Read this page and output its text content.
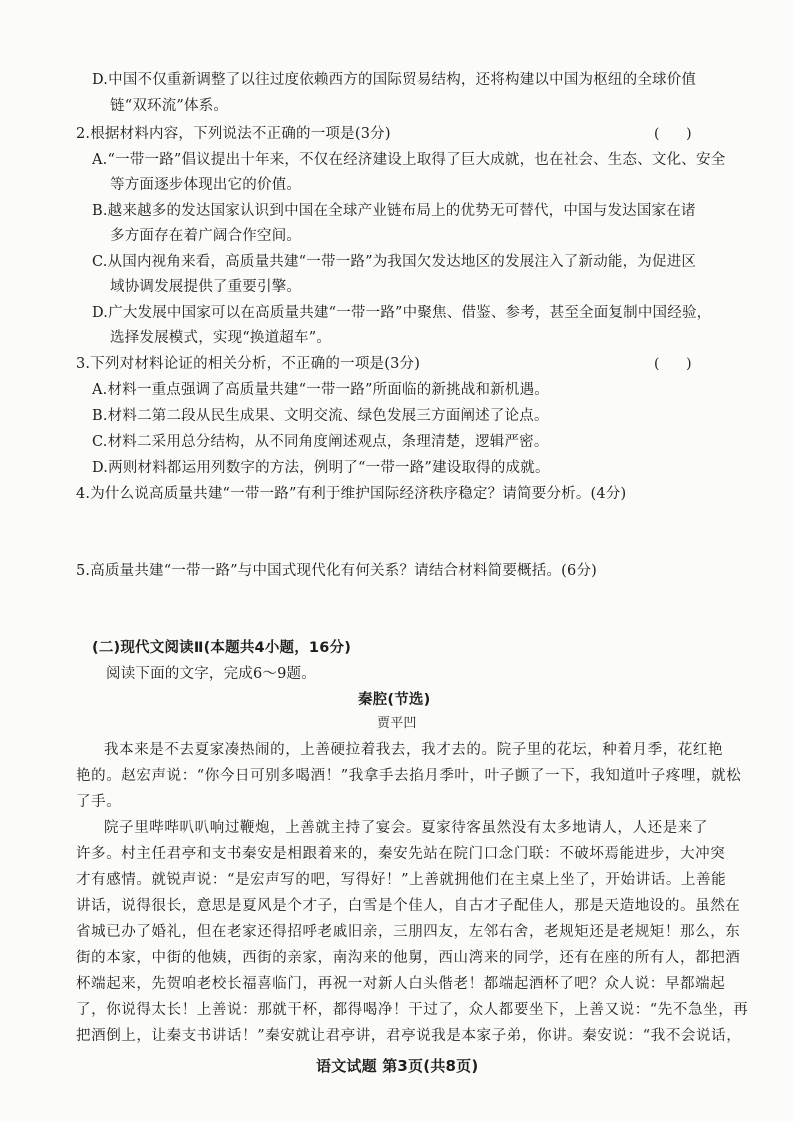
D.中国不仅重新调整了以往过度依赖西方的国际贸易结构，还将构建以中国为枢纽的全球价值
链“双环流”体系。
2.根据材料内容，下列说法不正确的一项是(3分)	(      )
A.“一带一路”倡议提出十年来，不仅在经济建设上取得了巨大成就，也在社会、生态、文化、安全
等方面逐步体现出它的价值。
B.越来越多的发达国家认识到中国在全球产业链布局上的优势无可替代，中国与发达国家在诸
多方面存在着广阔合作空间。
C.从国内视角来看，高质量共建“一带一路”为我国欠发达地区的发展注入了新动能，为促进区
域协调发展提供了重要引擎。
D.广大发展中国家可以在高质量共建“一带一路”中聚焦、借鉴、参考，甚至全面复制中国经验，
选择发展模式，实现“换道超车”。
3.下列对材料论证的相关分析，不正确的一项是(3分)	(      )
A.材料一重点强调了高质量共建“一带一路”所面临的新挑战和新机遇。
B.材料二第二段从民生成果、文明交流、绿色发展三方面阐述了论点。
C.材料二采用总分结构，从不同角度阐述观点，条理清楚，逻辑严密。
D.两则材料都运用列数字的方法，例明了“一带一路”建设取得的成就。
4.为什么说高质量共建“一带一路”有利于维护国际经济秩序稳定？请简要分析。(4分)
5.高质量共建“一带一路”与中国式现代化有何关系？请结合材料简要概括。(6分)
(二)现代文阅读Ⅱ(本题共4小题，16分)
阅读下面的文字，完成6～9题。
秦腔(节选)
贾平凹
我本来是不去夏家凑热闹的，上善硬拉着我去，我才去的。院子里的花坛，种着月季，花红艳
艳的。赵宏声说：“你今日可别多喝酒！”我拿手去掐月季叶，叶子颤了一下，我知道叶子疼哩，就松
了手。
院子里哔哔叭叭响过鞭炮，上善就主持了宴会。夏家待客虽然没有太多地请人，人还是来了
许多。村主任君亭和支书秦安是相跟着来的，秦安先站在院门口念门联：不破坏焉能进步，大冲突
才有感情。就锐声说：“是宏声写的吧，写得好！”上善就拥他们在主桌上坐了，开始讲话。上善能
讲话，说得很长，意思是夏风是个才子，白雪是个佳人，自古才子配佳人，那是天造地设的。虽然在
省城已办了婚礼，但在老家还得招呼老戚旧亲，三朋四友，左邻右舍，老规矩还是老规矩！那么，东
街的本家，中街的他姨，西街的亲家，南沟来的他舅，西山湾来的同学，还有在座的所有人，都把酒
杯端起来，先贺咱老校长福喜临门，再祝一对新人白头偕老！都端起酒杯了吧？众人说：早都端起
了，你说得太长！上善说：那就干杯，都得喝净！干过了，众人都要坐下，上善又说：“先不急坐，再
把酒倒上，让秦支书讲话！”秦安就让君亭讲，君亭说我是本家子弟，你讲。秦安说：“我不会说话，
语文试题 第3页(共8页)
